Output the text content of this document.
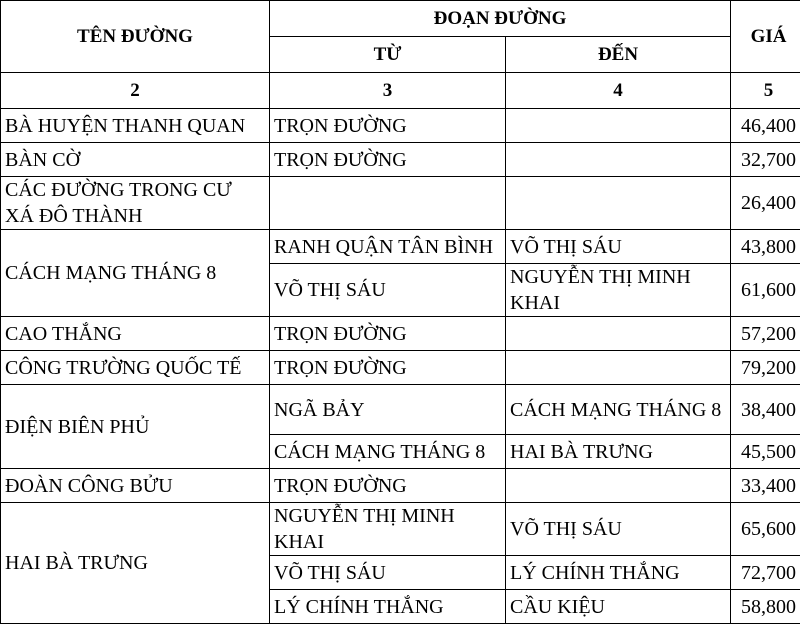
TÊN ĐƯỜNG	ĐOẠN ĐƯỜNG		GIÁ
	TỪ	ĐẾN	
2	3	4	5
BÀ HUYỆN THANH QUAN	TRỌN ĐƯỜNG		46,400
BÀN CỜ	TRỌN ĐƯỜNG		32,700
CÁC ĐƯỜNG TRONG CƯ XÁ ĐÔ THÀNH			26,400
CÁCH MẠNG THÁNG 8	RANH QUẬN TÂN BÌNH	VÕ THỊ SÁU	43,800
	VÕ THỊ SÁU	NGUYỄN THỊ MINH KHAI	61,600
CAO THẮNG	TRỌN ĐƯỜNG		57,200
CÔNG TRƯỜNG QUỐC TẾ	TRỌN ĐƯỜNG		79,200
ĐIỆN BIÊN PHỦ	NGÃ BẢY	CÁCH MẠNG THÁNG 8	38,400
	CÁCH MẠNG THÁNG 8	HAI BÀ TRƯNG	45,500
ĐOÀN CÔNG BỬU	TRỌN ĐƯỜNG		33,400
HAI BÀ TRƯNG	NGUYỄN THỊ MINH KHAI	VÕ THỊ SÁU	65,600
	VÕ THỊ SÁU	LÝ CHÍNH THẮNG	72,700
	LÝ CHÍNH THẮNG	CẦU KIỆU	58,800
